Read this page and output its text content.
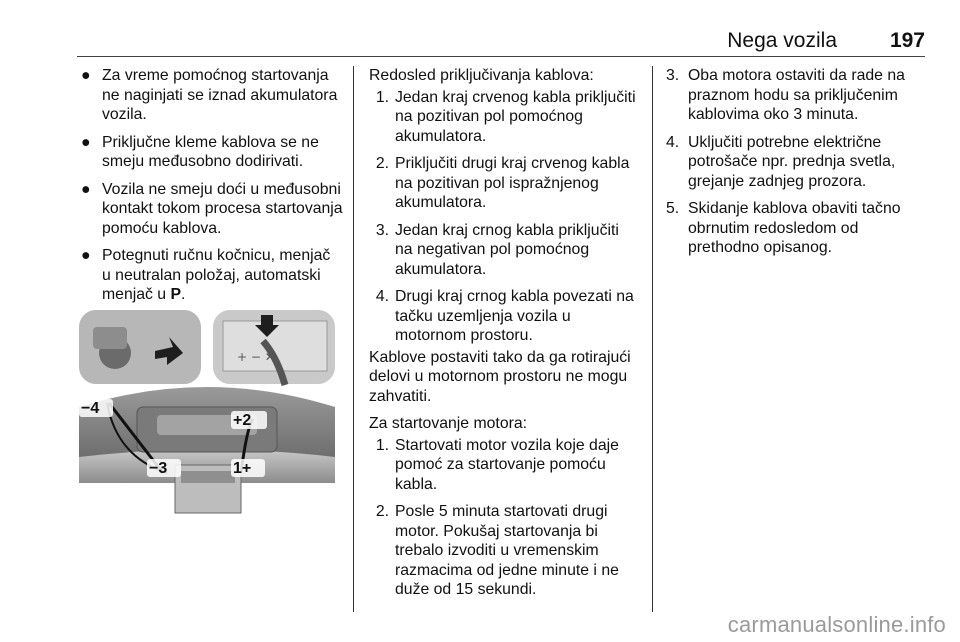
Nega vozila	197
● Za vreme pomoćnog startovanja ne naginjati se iznad akumulatora vozila.
● Priključne kleme kablova se ne smeju međusobno dodirivati.
● Vozila ne smeju doći u međusobni kontakt tokom procesa startovanja pomoću kablova.
● Potegnuti ručnu kočnicu, menjač u neutralan položaj, automatski menjač u P.
+ − ✕
−4
+2
−3	1+
Redosled priključivanja kablova:
1. Jedan kraj crvenog kabla priključiti na pozitivan pol pomoćnog akumulatora.
2. Priključiti drugi kraj crvenog kabla na pozitivan pol ispražnjenog akumulatora.
3. Jedan kraj crnog kabla priključiti na negativan pol pomoćnog akumulatora.
4. Drugi kraj crnog kabla povezati na tačku uzemljenja vozila u motornom prostoru.
Kablove postaviti tako da ga rotirajući delovi u motornom prostoru ne mogu zahvatiti.
Za startovanje motora:
1. Startovati motor vozila koje daje pomoć za startovanje pomoću kabla.
2. Posle 5 minuta startovati drugi motor. Pokušaj startovanja bi trebalo izvoditi u vremenskim razmacima od jedne minute i ne duže od 15 sekundi.
3. Oba motora ostaviti da rade na praznom hodu sa priključenim kablovima oko 3 minuta.
4. Uključiti potrebne električne potrošače npr. prednja svetla, grejanje zadnjeg prozora.
5. Skidanje kablova obaviti tačno obrnutim redosledom od prethodno opisanog.
carmanualsonline.info
